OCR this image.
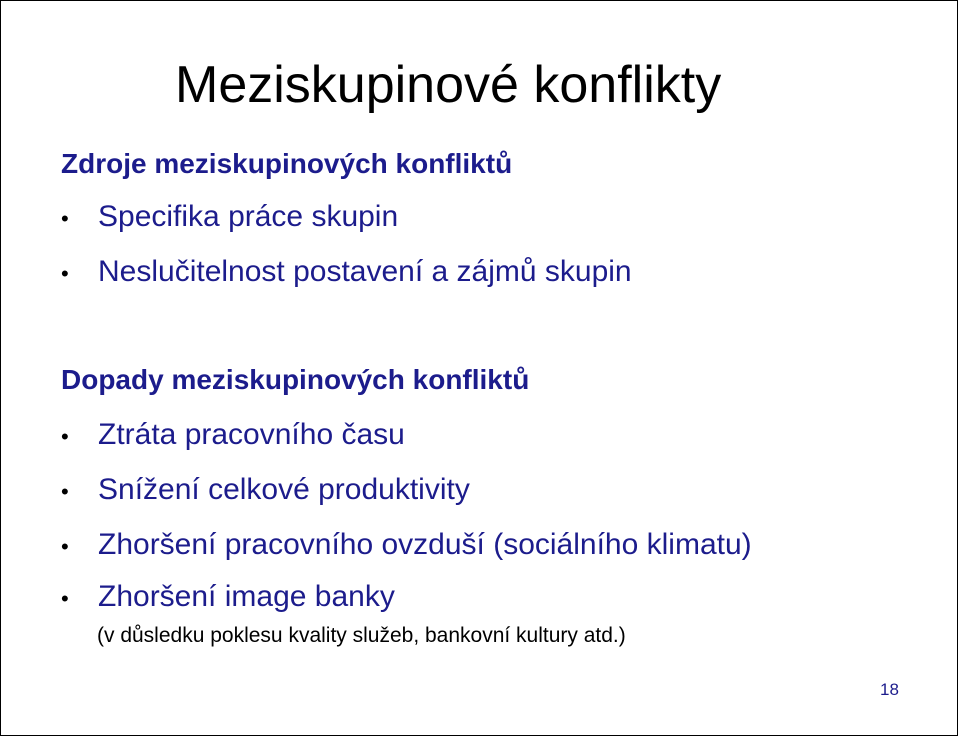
Meziskupinové konflikty
Zdroje meziskupinových konfliktů
• Specifika práce skupin
• Neslučitelnost postavení a zájmů skupin
Dopady meziskupinových konfliktů
• Ztráta pracovního času
• Snížení celkové produktivity
• Zhoršení pracovního ovzduší (sociálního klimatu)
• Zhoršení image banky
(v důsledku poklesu kvality služeb, bankovní kultury atd.)
18
